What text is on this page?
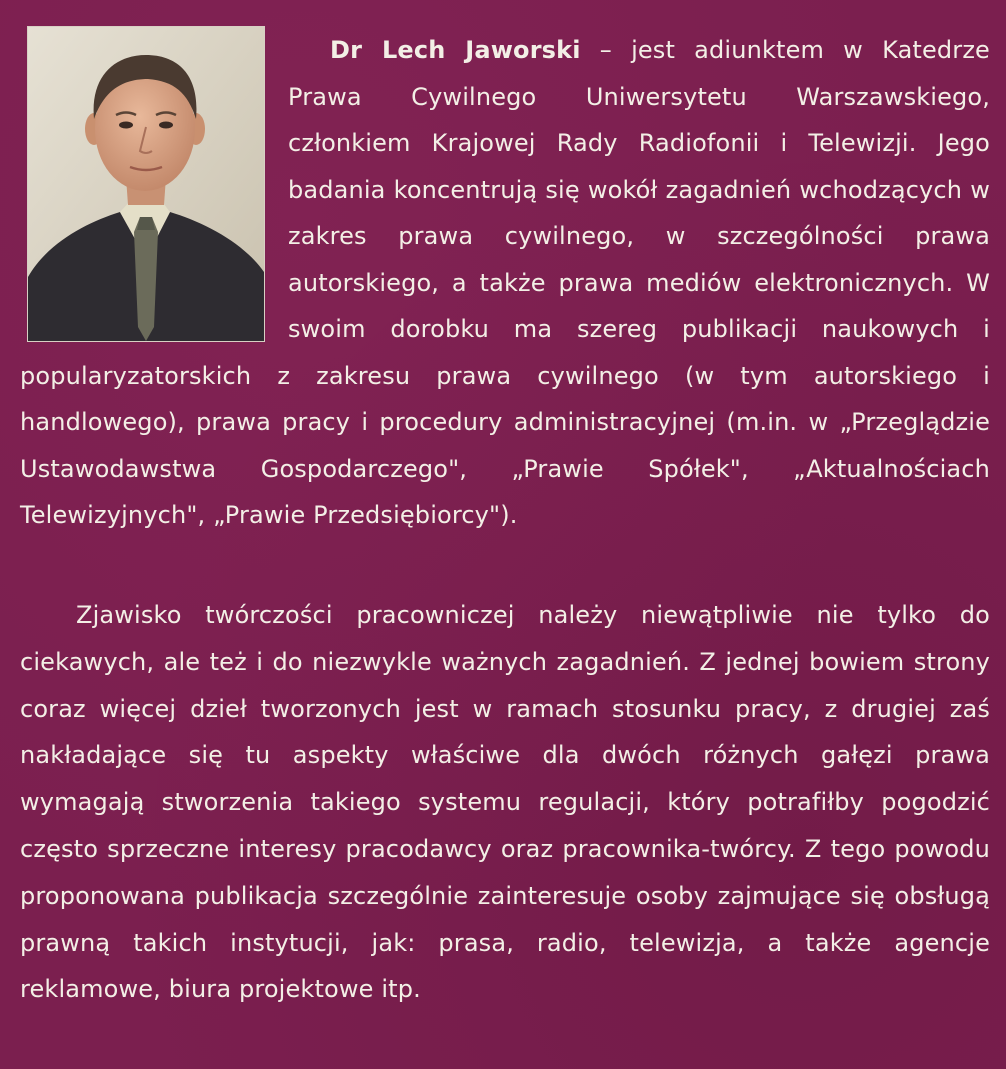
Dr Lech Jaworski – jest adiunktem w Katedrze Prawa Cywilnego Uniwersytetu Warszawskiego, członkiem Krajowej Rady Radiofonii i Telewizji. Jego badania koncentrują się wokół zagadnień wchodzących w zakres prawa cywilnego, w szczególności prawa autorskiego, a także prawa mediów elektronicznych. W swoim dorobku ma szereg publikacji naukowych i popularyzatorskich z zakresu prawa cywilnego (w tym autorskiego i handlowego), prawa pracy i procedury administracyjnej (m.in. w „Przeglądzie Ustawodawstwa Gospodarczego", „Prawie Spółek", „Aktualnościach Telewizyjnych", „Prawie Przedsiębiorcy").
Zjawisko twórczości pracowniczej należy niewątpliwie nie tylko do ciekawych, ale też i do niezwykle ważnych zagadnień. Z jednej bowiem strony coraz więcej dzieł tworzonych jest w ramach stosunku pracy, z drugiej zaś nakładające się tu aspekty właściwe dla dwóch różnych gałęzi prawa wymagają stworzenia takiego systemu regulacji, który potrafiłby pogodzić często sprzeczne interesy pracodawcy oraz pracownika-twórcy. Z tego powodu proponowana publikacja szczególnie zainteresuje osoby zajmujące się obsługą prawną takich instytucji, jak: prasa, radio, telewizja, a także agencje reklamowe, biura projektowe itp.
